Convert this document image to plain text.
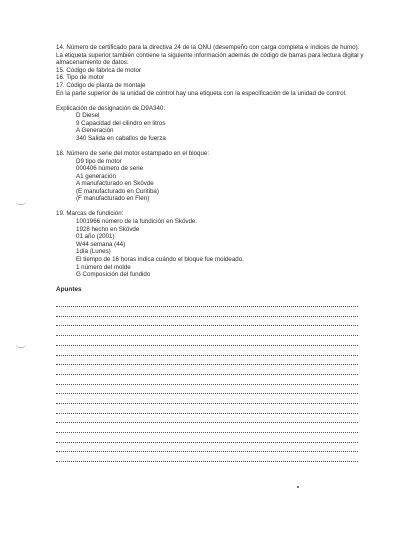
14. Número de certificado para la directiva 24 de la ONU (desempeño con carga completa e índices de humo).

La etiqueta superior también contiene la siguiente información además de código de barras para lectura digital y almacenamiento de datos:

15. Código de fábrica de motor

16. Tipo de motor

17. Código de planta de montaje

En la parte superior de la unidad de control hay una etiqueta con la especificación de la unidad de control.

Explicación de designación de D9A340:

D Diesel
9 Capacidad del cilindro en litros
A Generación
340 Salida en caballos de fuerza

18. Número de serie del motor estampado en el bloque:

D9 tipo de motor
000406 número de serie
A1 generación
A manufacturado en Skövde
(E manufacturado en Curitiba)
(F manufacturado en Flen)

19. Marcas de fundición:

1001966 número de la fundición en Skövde.
1928 hecho en Skövde
01 año (2001)
W44 semana (44)
1día (Lunes)
El tiempo de 16 horas indica cuándo el bloque fue moldeado.
1 número del molde
G Composición del fundido
Apuntes
